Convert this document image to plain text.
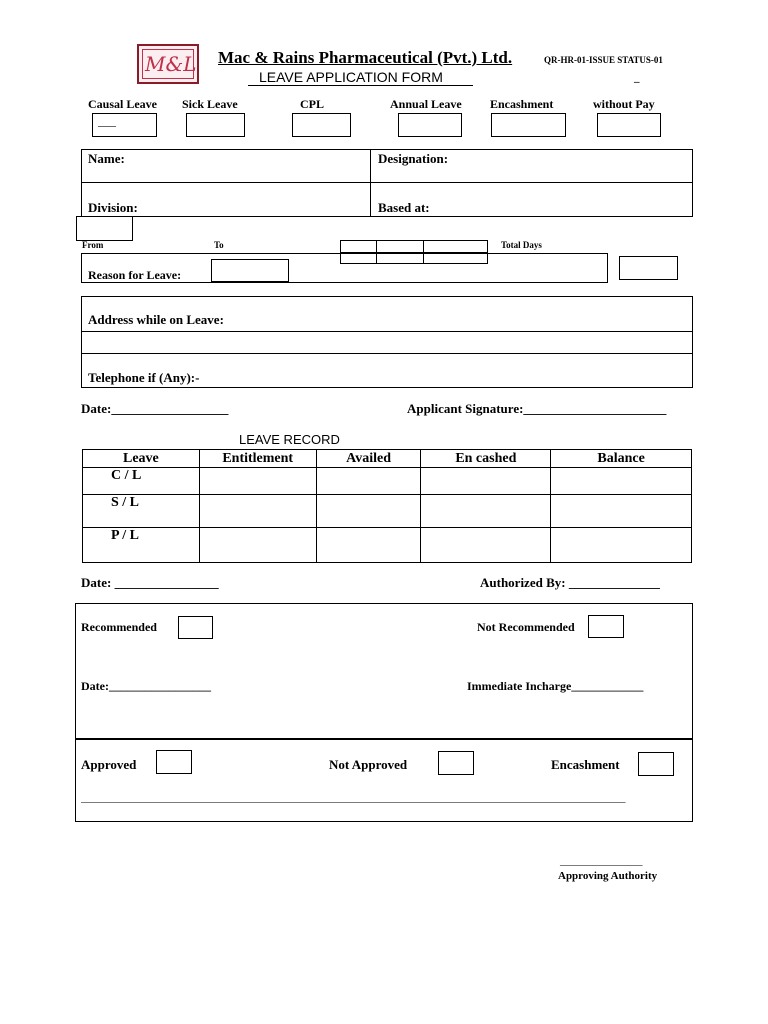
M&L Mac & Rains Pharmaceutical (Pvt.) Ltd.
LEAVE APPLICATION FORM
QR-HR-01-ISSUE STATUS-01
_
Causal Leave Sick Leave	CPL	Annual Leave Encashment	without Pay
___
Name:	Designation:
Division:	Based at:
From	To	Total Days
Reason for Leave:
Address while on Leave:
Telephone if (Any):-
Date:__________________	Applicant Signature:______________________
LEAVE RECORD
Leave	Entitlement	Availed	En cashed	Balance
C / L				
S / L				
P / L				
Date: ________________	Authorized By: ______________
Recommended	Not Recommended
Date:_________________	Immediate Incharge____________
Approved	Not Approved	Encashment
___________________________________________________________________________________________________
_______________
Approving Authority
